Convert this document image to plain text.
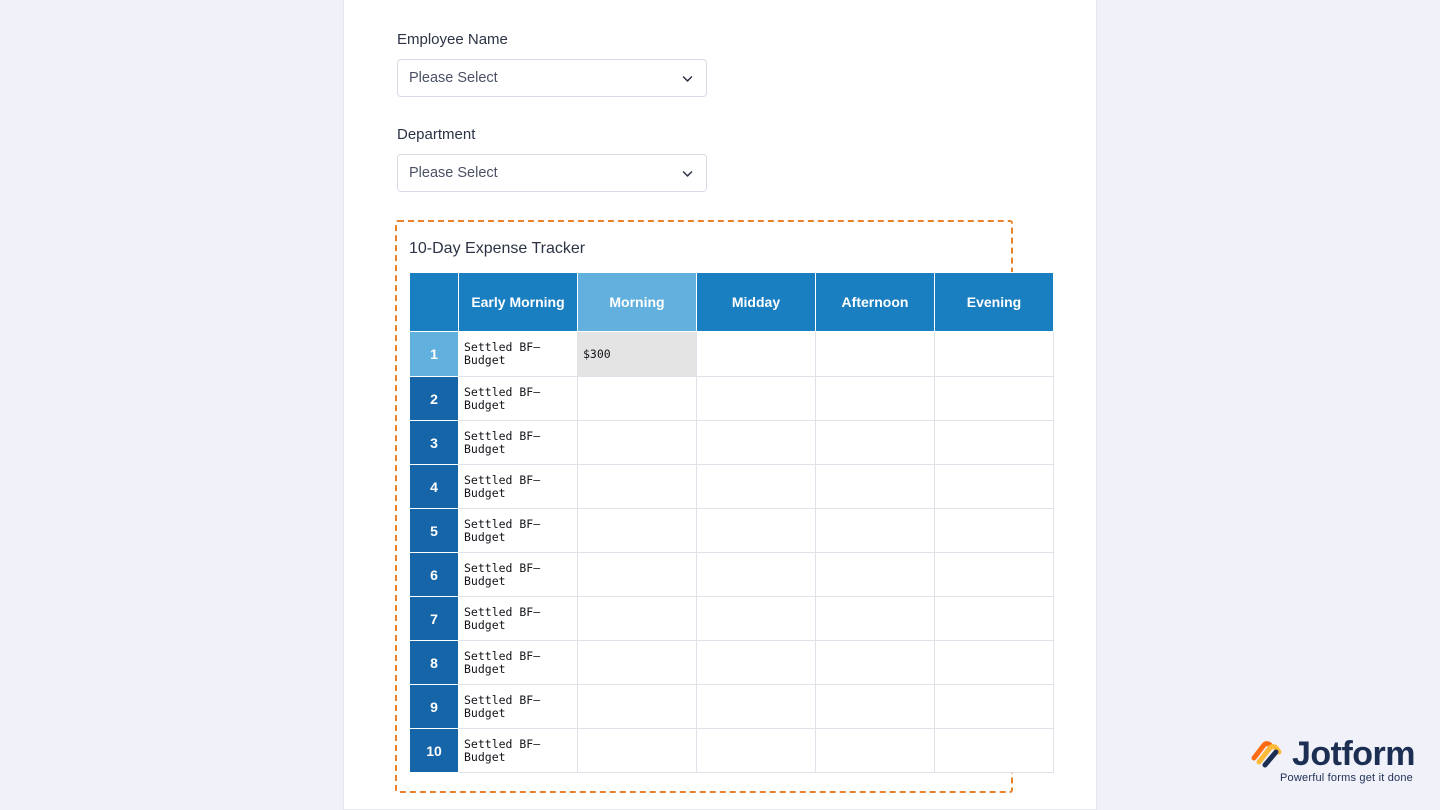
Employee Name
Please Select
Department
Please Select
10-Day Expense Tracker
	Early Morning	Morning	Midday	Afternoon	Evening
1	Settled BF–Budget	$300			
2	Settled BF–Budget				
3	Settled BF–Budget				
4	Settled BF–Budget				
5	Settled BF–Budget				
6	Settled BF–Budget				
7	Settled BF–Budget				
8	Settled BF–Budget				
9	Settled BF–Budget				
10	Settled BF–Budget					Jotform
Powerful forms get it done
